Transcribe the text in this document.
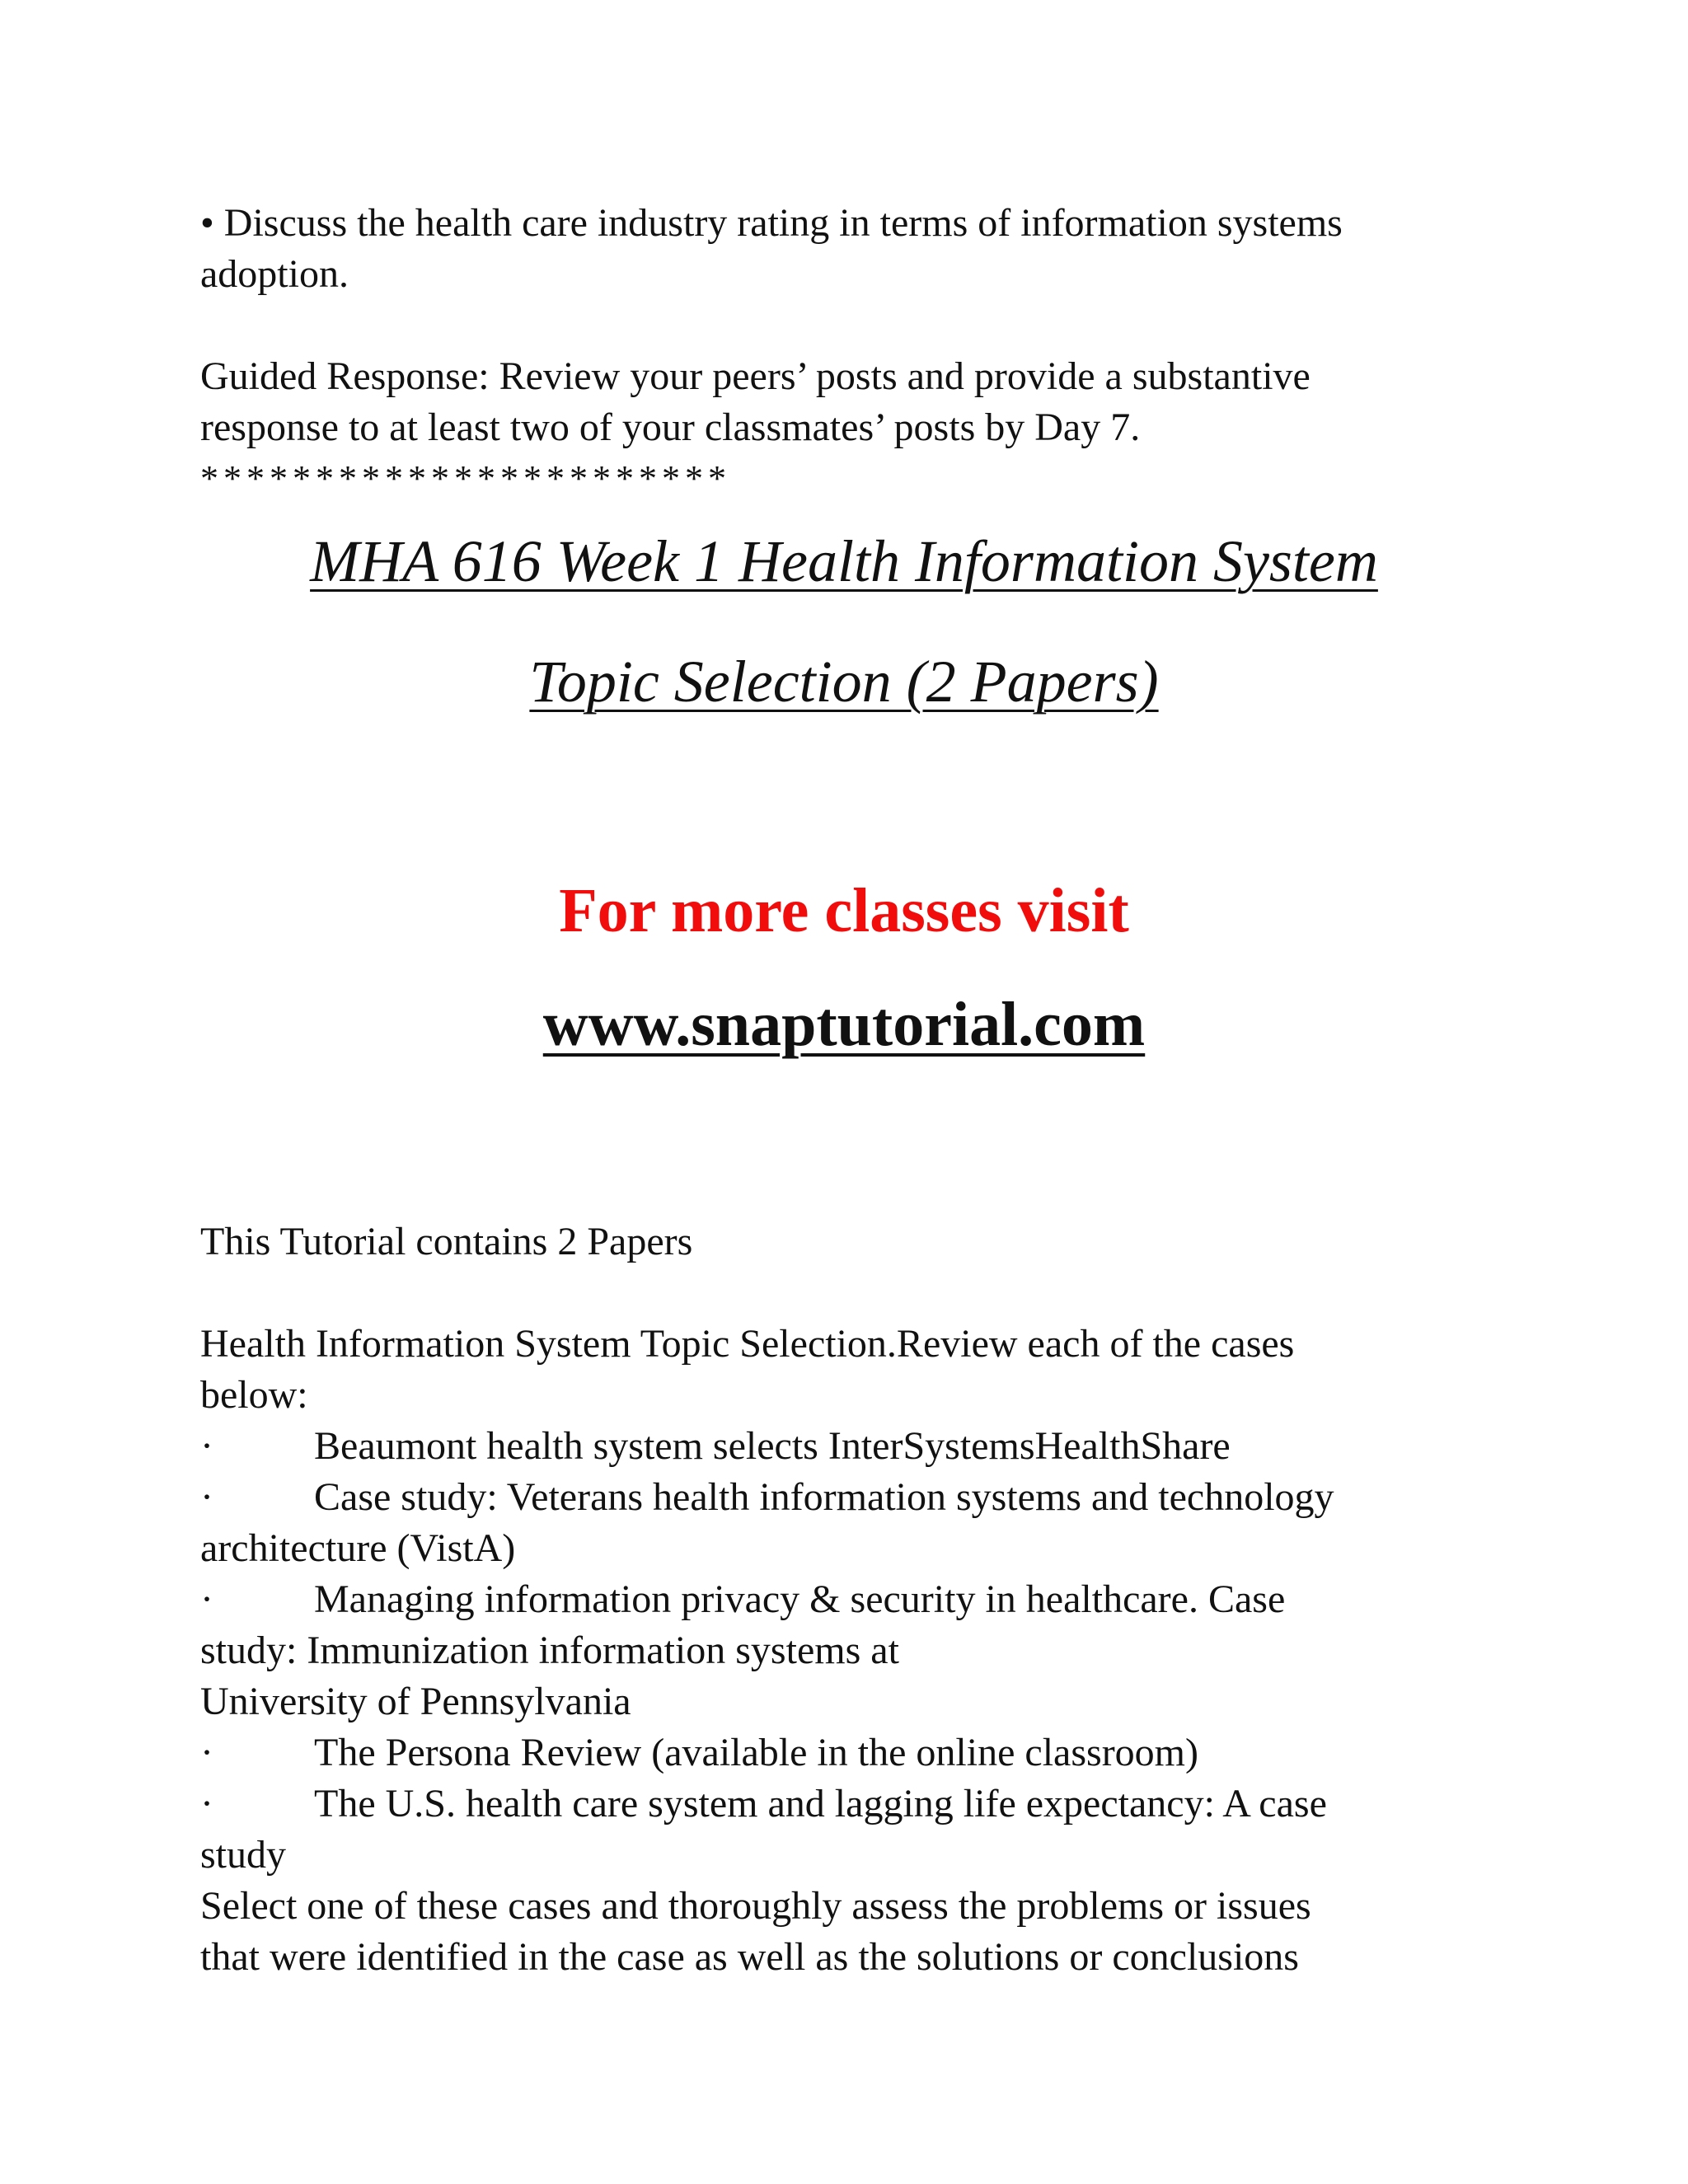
• Discuss the health care industry rating in terms of information systems
adoption.
Guided Response: Review your peers’ posts and provide a substantive
response to at least two of your classmates’ posts by Day 7.
***********************
MHA 616 Week 1 Health Information System
Topic Selection (2 Papers)
For more classes visit
www.snaptutorial.com
This Tutorial contains 2 Papers
Health Information System Topic Selection.Review each of the cases
below:
·	Beaumont health system selects InterSystemsHealthShare
·	Case study: Veterans health information systems and technology
architecture (VistA)
·	Managing information privacy & security in healthcare. Case
study: Immunization information systems at
University of Pennsylvania
·	The Persona Review (available in the online classroom)
·	The U.S. health care system and lagging life expectancy: A case
study
Select one of these cases and thoroughly assess the problems or issues
that were identified in the case as well as the solutions or conclusions
